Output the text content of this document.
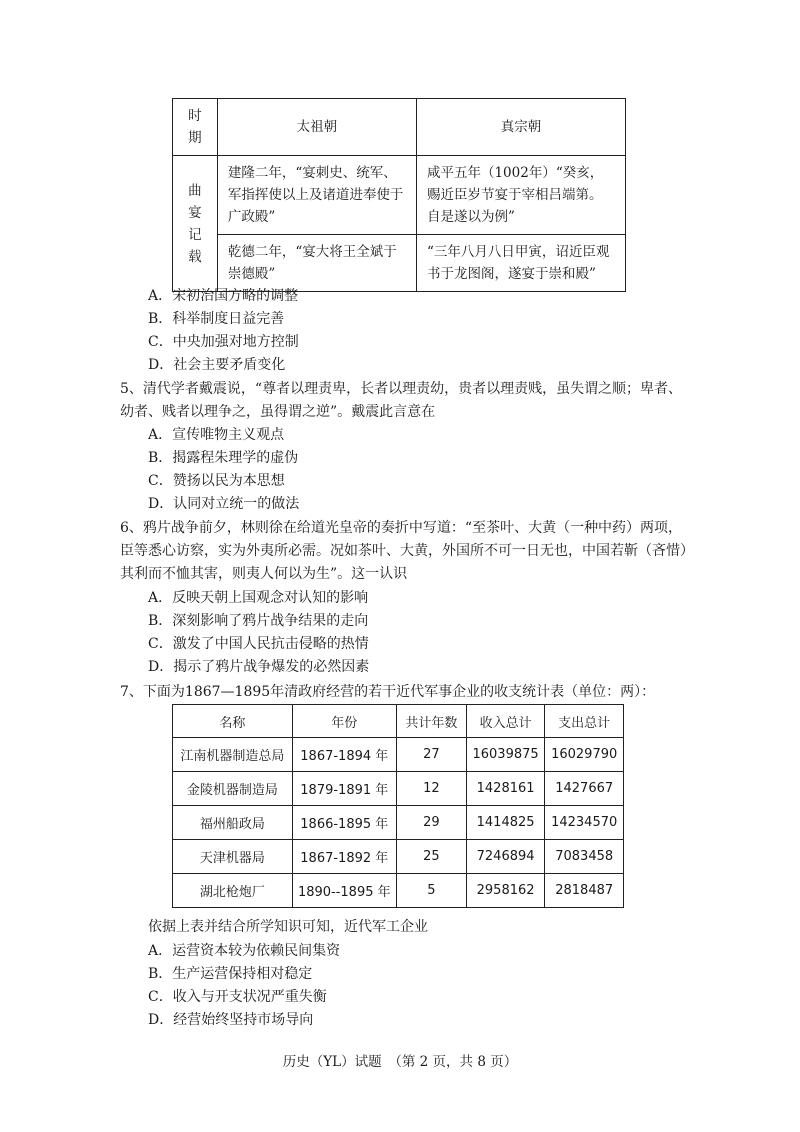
时期	太祖朝	真宗朝
曲宴记载	建隆二年，“宴刺史、统军、军指挥使以上及诸道进奉使于广政殿”	咸平五年（1002年）“癸亥，赐近臣岁节宴于宰相吕端第。自是遂以为例”
	乾德二年，“宴大将王全斌于崇德殿”	“三年八月八日甲寅，诏近臣观书于龙图阁，遂宴于崇和殿”
A．宋初治国方略的调整
B．科举制度日益完善
C．中央加强对地方控制
D．社会主要矛盾变化
5、清代学者戴震说，“尊者以理责卑，长者以理责幼，贵者以理责贱，虽失谓之顺；卑者、
幼者、贱者以理争之，虽得谓之逆”。戴震此言意在
A．宣传唯物主义观点
B．揭露程朱理学的虚伪
C．赞扬以民为本思想
D．认同对立统一的做法
6、鸦片战争前夕，林则徐在给道光皇帝的奏折中写道：“至茶叶、大黄（一种中药）两项，
臣等悉心访察，实为外夷所必需。况如茶叶、大黄，外国所不可一日无也，中国若靳（吝惜）
其利而不恤其害，则夷人何以为生”。这一认识
A．反映天朝上国观念对认知的影响
B．深刻影响了鸦片战争结果的走向
C．激发了中国人民抗击侵略的热情
D．揭示了鸦片战争爆发的必然因素
7、下面为1867—1895年清政府经营的若干近代军事企业的收支统计表（单位：两）：
名称	年份	共计年数	收入总计	支出总计
江南机器制造总局	1867-1894 年	27	16039875	16029790
金陵机器制造局	1879-1891 年	12	1428161	1427667
福州船政局	1866-1895 年	29	1414825	14234570
天津机器局	1867-1892 年	25	7246894	7083458
湖北枪炮厂	1890--1895 年	5	2958162	2818487
依据上表并结合所学知识可知，近代军工企业
A．运营资本较为依赖民间集资
B．生产运营保持相对稳定
C．收入与开支状况严重失衡
D．经营始终坚持市场导向
历史（YL）试题　（第 2 页，共 8 页）
